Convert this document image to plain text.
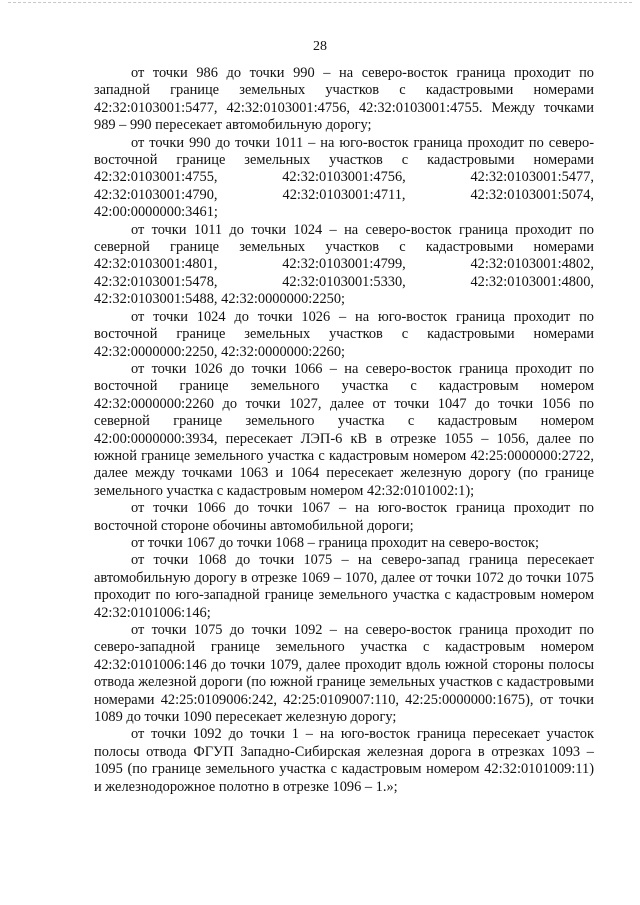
28

от точки 986 до точки 990 – на северо-восток граница проходит по западной границе земельных участков с кадастровыми номерами 42:32:0103001:5477, 42:32:0103001:4756, 42:32:0103001:4755. Между точками 989 – 990 пересекает автомобильную дорогу;

от точки 990 до точки 1011 – на юго-восток граница проходит по северо-восточной границе земельных участков с кадастровыми номерами 42:32:0103001:4755, 42:32:0103001:4756, 42:32:0103001:5477, 42:32:0103001:4790, 42:32:0103001:4711, 42:32:0103001:5074, 42:00:0000000:3461;

от точки 1011 до точки 1024 – на северо-восток граница проходит по северной границе земельных участков с кадастровыми номерами 42:32:0103001:4801, 42:32:0103001:4799, 42:32:0103001:4802, 42:32:0103001:5478, 42:32:0103001:5330, 42:32:0103001:4800, 42:32:0103001:5488, 42:32:0000000:2250;

от точки 1024 до точки 1026 – на юго-восток граница проходит по восточной границе земельных участков с кадастровыми номерами 42:32:0000000:2250, 42:32:0000000:2260;

от точки 1026 до точки 1066 – на северо-восток граница проходит по восточной границе земельного участка с кадастровым номером 42:32:0000000:2260 до точки 1027, далее от точки 1047 до точки 1056 по северной границе земельного участка с кадастровым номером 42:00:0000000:3934, пересекает ЛЭП-6 кВ в отрезке 1055 – 1056, далее по южной границе земельного участка с кадастровым номером 42:25:0000000:2722, далее между точками 1063 и 1064 пересекает железную дорогу (по границе земельного участка с кадастровым номером 42:32:0101002:1);

от точки 1066 до точки 1067 – на юго-восток граница проходит по восточной стороне обочины автомобильной дороги;

от точки 1067 до точки 1068 – граница проходит на северо-восток;

от точки 1068 до точки 1075 – на северо-запад граница пересекает автомобильную дорогу в отрезке 1069 – 1070, далее от точки 1072 до точки 1075 проходит по юго-западной границе земельного участка с кадастровым номером 42:32:0101006:146;

от точки 1075 до точки 1092 – на северо-восток граница проходит по северо-западной границе земельного участка с кадастровым номером 42:32:0101006:146 до точки 1079, далее проходит вдоль южной стороны полосы отвода железной дороги (по южной границе земельных участков с кадастровыми номерами 42:25:0109006:242, 42:25:0109007:110, 42:25:0000000:1675), от точки 1089 до точки 1090 пересекает железную дорогу;

от точки 1092 до точки 1 – на юго-восток граница пересекает участок полосы отвода ФГУП Западно-Сибирская железная дорога в отрезках 1093 – 1095 (по границе земельного участка с кадастровым номером 42:32:0101009:11) и железнодорожное полотно в отрезке 1096 – 1.»;
